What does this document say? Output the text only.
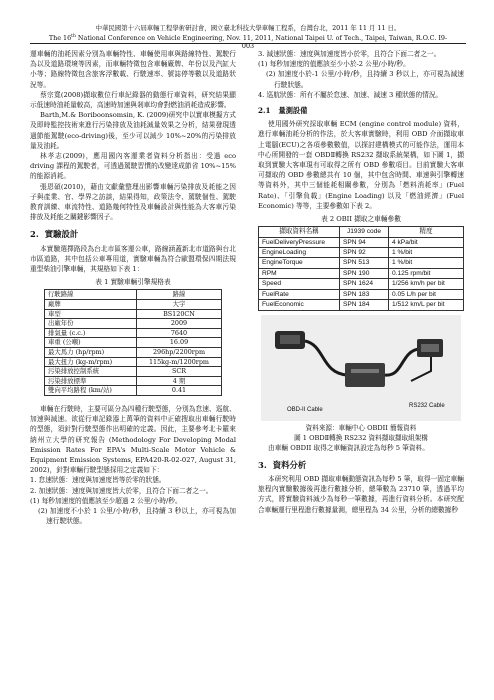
中華民國第十六屆車輛工程學術研討會，國立臺北科技大學車輛工程系，台灣台北，2011 年 11 月 11 日。
The 16th National Conference on Vehicle Engineering, Nov. 11, 2011, National Taipei U. of Tech., Taipei, Taiwan, R.O.C. I9-003

運車輛的油耗因素分別為車輛特性、車輛使用車與路線特性、駕駛行為以及道路環境等因素，而車輛特徵包含車輛廠牌、年份以及汽缸大小等；路線特徵包含旅客浮數載、行駛速率、號誌停等數以及道路狀況等。

蔡宗寬(2008)擷取數位行車紀錄器的動態行車資料，研究結果顯示低速時油耗量較高，高速時加速與剎車均會對燃油消耗造成影響。

Barth,M.& Boriboonsomsin, K. (2009)研究中以實車模擬方式及即時監控技術來進行污染排放及油耗減量效果之分析，結果發現透過節能駕駛(eco-driving)後，至少可以減少 10%~20%的污染排放量及油耗。

林孝志(2009)，應用國內客運業者資料分析指出：受過 eco driving 課程的駕駛者，可透過駕駛習慣的改變達成節省 10%~15%的能源消耗。

張恩碩(2010)，藉由文獻彙整理出影響車輛污染排放及耗能之因子與產業、官、學界之訪談，結果得知，政策法令、駕駛個性、駕駛教育訓練、車流特性、道路幾何特性及車輛設計與性能為大客車污染排放及耗能之關鍵影響因子。

2. 實驗設計

本實驗選擇路段為台北市區客運公車，路線涵蓋新北市道路與台北市區道路，其中包括公車專用道，實驗車輛為符合歐盟環保四期法規重型柴油引擎車輛，其規格如下表 1：

表 1 實驗車輛引擎規格表
行駛路線	路線
廠牌	大宇
車型	BS120CN
出廠年份	2009
排氣量 (c.c.)	7640
車重 (公噸)	16.09
最大馬力 (hp/rpm)	296hp/2200rpm
最大扭力 (kg-m/rpm)	115kg-m/1200rpm
污染排放控制系統	SCR
污染排放標準	4 期
雙向平均路程 (km/站)	0.41

車輛在行駛時，主要可區分為四種行駛型態，分別為怠速、巡航、加速與減速。欲從行車記錄器上萬筆的資料中正確搜取出車輛行駛時的型態，須針對行駛型態作出明確的定義。因此，主要參考北卡羅來納州立大學的研究報告 (Methodology For Developing Modal Emission Rates For EPA's Multi-Scale Motor Vehicle & Equipment Emission Systems, EPA420-R-02-027, August 31, 2002)，針對車輛行駛型態採用之定義如下：

1. 怠速狀態：速度與加速度皆等於零的狀態。

2. 加速狀態：速度與加速度皆大於零，且符合下面二者之一。

(1) 每秒加速度的值應該至少超過 2 公里/小時/秒。

(2) 加速度不小於 1 公里/小時/秒，且持續 3 秒以上，亦可視為加速行駛狀態。

3. 減速狀態：速度與加速度皆小於零，且符合下面二者之一。

(1) 每秒加速度的值應該至少小於-2 公里/小時/秒。

(2) 加速度小於-1 公里/小時/秒，且持續 3 秒以上，亦可視為減速行駛狀態。

4. 巡航狀態：所有不屬於怠速、加速、減速 3 種狀態的情況。

2.1 量測設備

使用國外研究採取車輛 ECM (engine control module) 資料，進行車輛油耗分析的作法，於大客車實驗時，利用 OBD 介面擷取車上電腦(ECU)之各項參數數值，以探討建構模式的可能作法，運用本中心所開發的一套 OBDⅡ轉換 RS232 擷取系統架構，如下圖 1，擷取到實驗大客車現有可取得之所有 OBD 參數項目。目前實驗大客車可擷取的 OBD 參數總共有 10 個，其中包含時間、車速與引擎轉速等資料外，其中三個能耗相關參數，分別為「燃料消耗率」(Fuel Rate)、「引擎負載」(Engine Loading) 以及「燃油經濟」(Fuel Economic) 等等，主要參數如下表 2。

表 2 OBII 擷取之車輛參數
擷取資料名稱	J1939 code	精度
FuelDeliveryPressure	SPN 94	4 kPa/bit
EngineLoading	SPN 92	1 %/bit
EngineTorque	SPN 513	1 %/bit
RPM	SPN 190	0.125 rpm/bit
Speed	SPN 1624	1/256 km/h per bit
FuelRate	SPN 183	0.05 L/h per bit
FuelEconomic	SPN 184	1/512 km/L per bit
OBD-II Cable
RS232 Cable
資料來源：車輛中心 OBDII 簡報資料
圖 1 OBDⅡ轉換 RS232 資料擷取擷取組架構

由車輛 OBDII 取得之車輛資訊設定為每秒 5 筆資料。

3. 資料分析

本研究利用 OBD 擷取車輛動態資訊為每秒 5 筆，取得一固定車輛旅程內實驗數據後再進行數據分析，總筆數為 23710 筆，透過平均方式，將實驗資料減少為每秒一筆數據，再進行資料分析。本研究配合車輛運行里程進行數據量測，總里程為 34 公里，分析的總數據秒
